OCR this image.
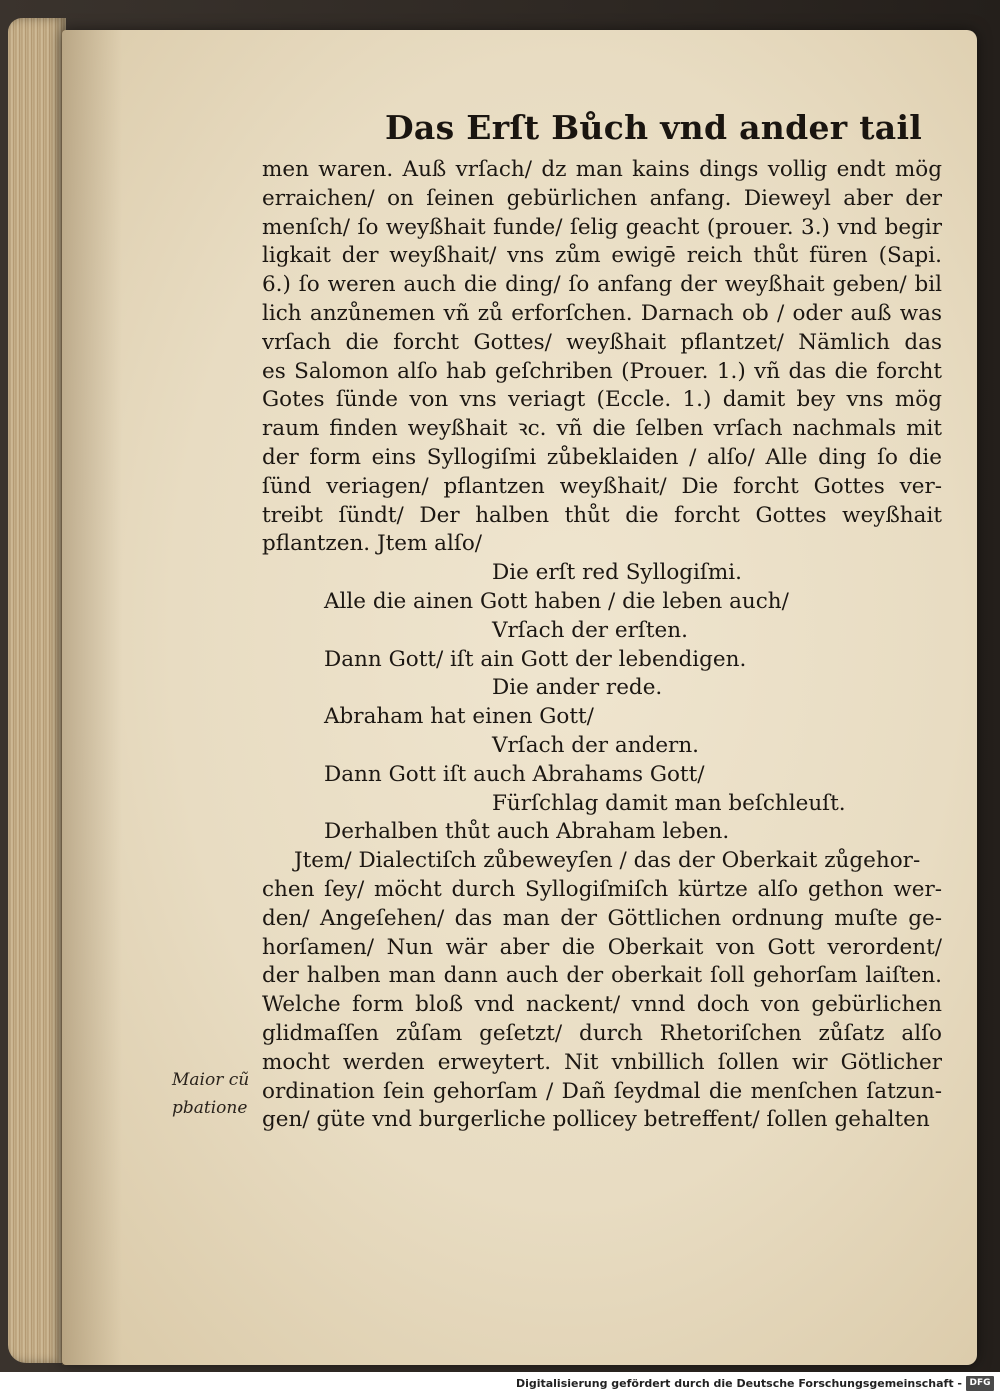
Das Erſt Bůch vnd ander tail
men waren. Auß vrſach/ dz man kains dings vollig endt mög
erraichen/ on ſeinen gebürlichen anfang. Dieweyl aber der
menſch/ ſo weyßhait funde/ ſelig geacht (prouer. 3.) vnd begir
ligkait der weyßhait/ vns zům ewigē reich thůt füren (Sapi.
6.) ſo weren auch die ding/ ſo anfang der weyßhait geben/ bil
lich anzůnemen vñ zů erforſchen. Darnach ob / oder auß was
vrſach die forcht Gottes/ weyßhait pflantzet/ Nämlich das
es Salomon alſo hab geſchriben (Prouer. 1.) vñ das die forcht
Gotes ſünde von vns veriagt (Eccle. 1.) damit bey vns mög
raum finden weyßhait ꝛc. vñ die ſelben vrſach nachmals mit
der form eins Syllogiſmi zůbeklaiden / alſo/ Alle ding ſo die
ſünd veriagen/ pflantzen weyßhait/ Die forcht Gottes ver-
treibt ſündt/ Der halben thůt die forcht Gottes weyßhait
pflantzen. Jtem alſo/
Die erſt red Syllogiſmi.
Alle die ainen Gott haben / die leben auch/
Vrſach der erſten.
Dann Gott/ iſt ain Gott der lebendigen.
Die ander rede.
Abraham hat einen Gott/
Vrſach der andern.
Dann Gott iſt auch Abrahams Gott/
Fürſchlag damit man beſchleuſt.
Derhalben thůt auch Abraham leben.
Jtem/ Dialectiſch zůbeweyſen / das der Oberkait zůgehor-
chen ſey/ möcht durch Syllogiſmiſch kürtze alſo gethon wer-
den/ Angeſehen/ das man der Göttlichen ordnung muſte ge-
horſamen/ Nun wär aber die Oberkait von Gott verordent/
der halben man dann auch der oberkait ſoll gehorſam laiſten.
Welche form bloß vnd nackent/ vnnd doch von gebürlichen
glidmaſſen zůſam geſetzt/ durch Rhetoriſchen zůſatz alſo
mocht werden erweytert. Nit vnbillich ſollen wir Götlicher
ordination ſein gehorſam / Dañ ſeydmal die menſchen ſatzun-
gen/ güte vnd burgerliche pollicey betreffent/ ſollen gehalten
Maior cũ
pbatione
Digitalisierung gefördert durch die Deutsche Forschungsgemeinschaft - DFG
